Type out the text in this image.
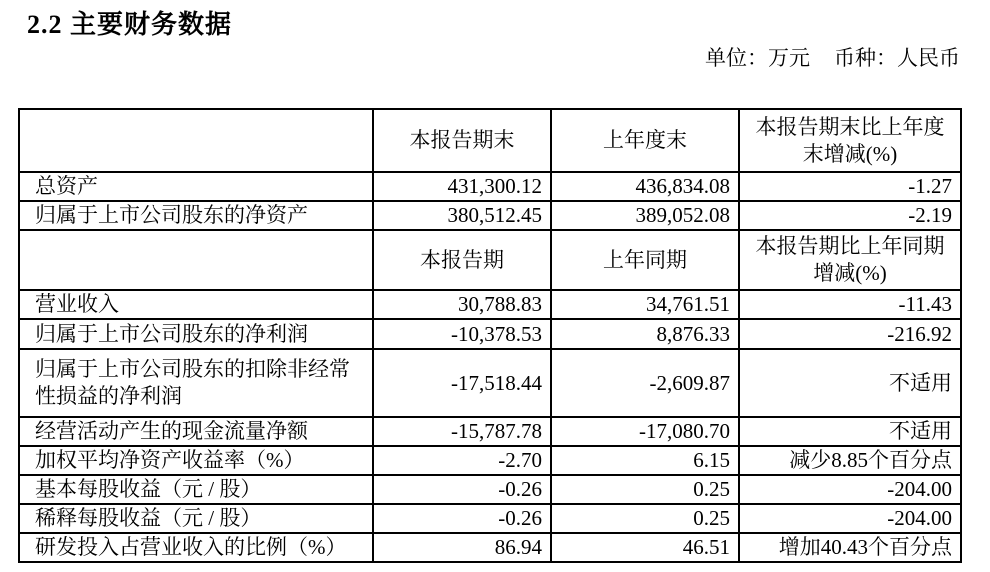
2.2 主要财务数据
单位：万元 币种：人民币
	本报告期末	上年度末	本报告期末比上年度末增减(%)
总资产	431,300.12	436,834.08	-1.27
归属于上市公司股东的净资产	380,512.45	389,052.08	-2.19
	本报告期	上年同期	本报告期比上年同期增减(%)
营业收入	30,788.83	34,761.51	-11.43
归属于上市公司股东的净利润	-10,378.53	8,876.33	-216.92
归属于上市公司股东的扣除非经常性损益的净利润	-17,518.44	-2,609.87	不适用
经营活动产生的现金流量净额	-15,787.78	-17,080.70	不适用
加权平均净资产收益率（%）	-2.70	6.15	减少8.85个百分点
基本每股收益（元 / 股）	-0.26	0.25	-204.00
稀释每股收益（元 / 股）	-0.26	0.25	-204.00
研发投入占营业收入的比例（%）	86.94	46.51	增加40.43个百分点
